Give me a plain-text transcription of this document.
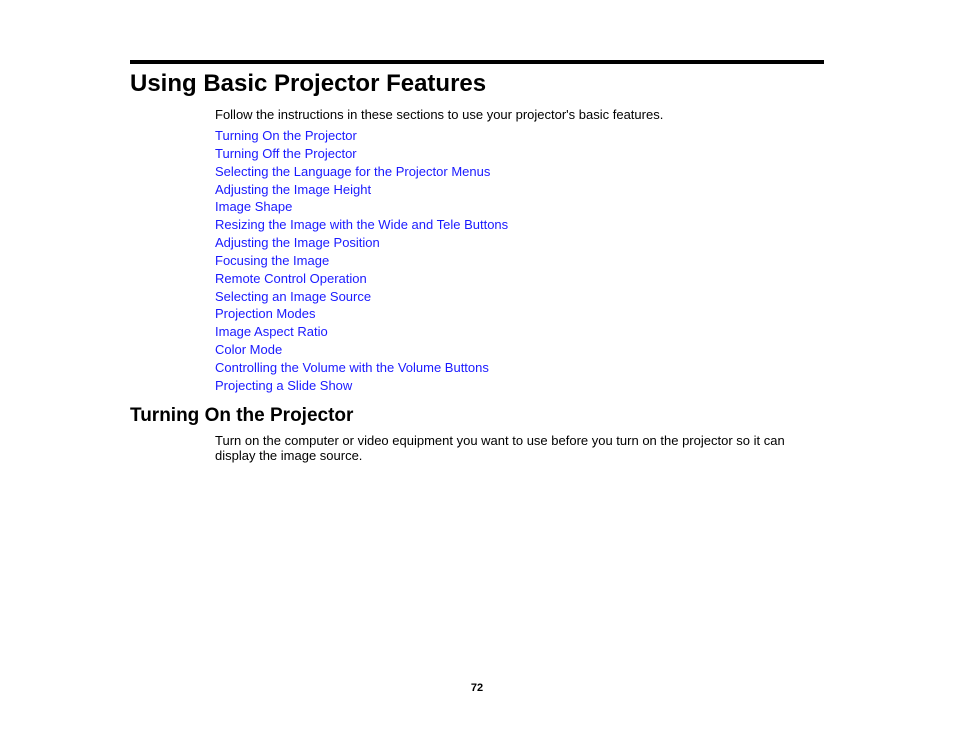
Using Basic Projector Features

Follow the instructions in these sections to use your projector's basic features.

Turning On the Projector
Turning Off the Projector
Selecting the Language for the Projector Menus
Adjusting the Image Height
Image Shape
Resizing the Image with the Wide and Tele Buttons
Adjusting the Image Position
Focusing the Image
Remote Control Operation
Selecting an Image Source
Projection Modes
Image Aspect Ratio
Color Mode
Controlling the Volume with the Volume Buttons
Projecting a Slide Show
Turning On the Projector

Turn on the computer or video equipment you want to use before you turn on the projector so it can display the image source.

72
